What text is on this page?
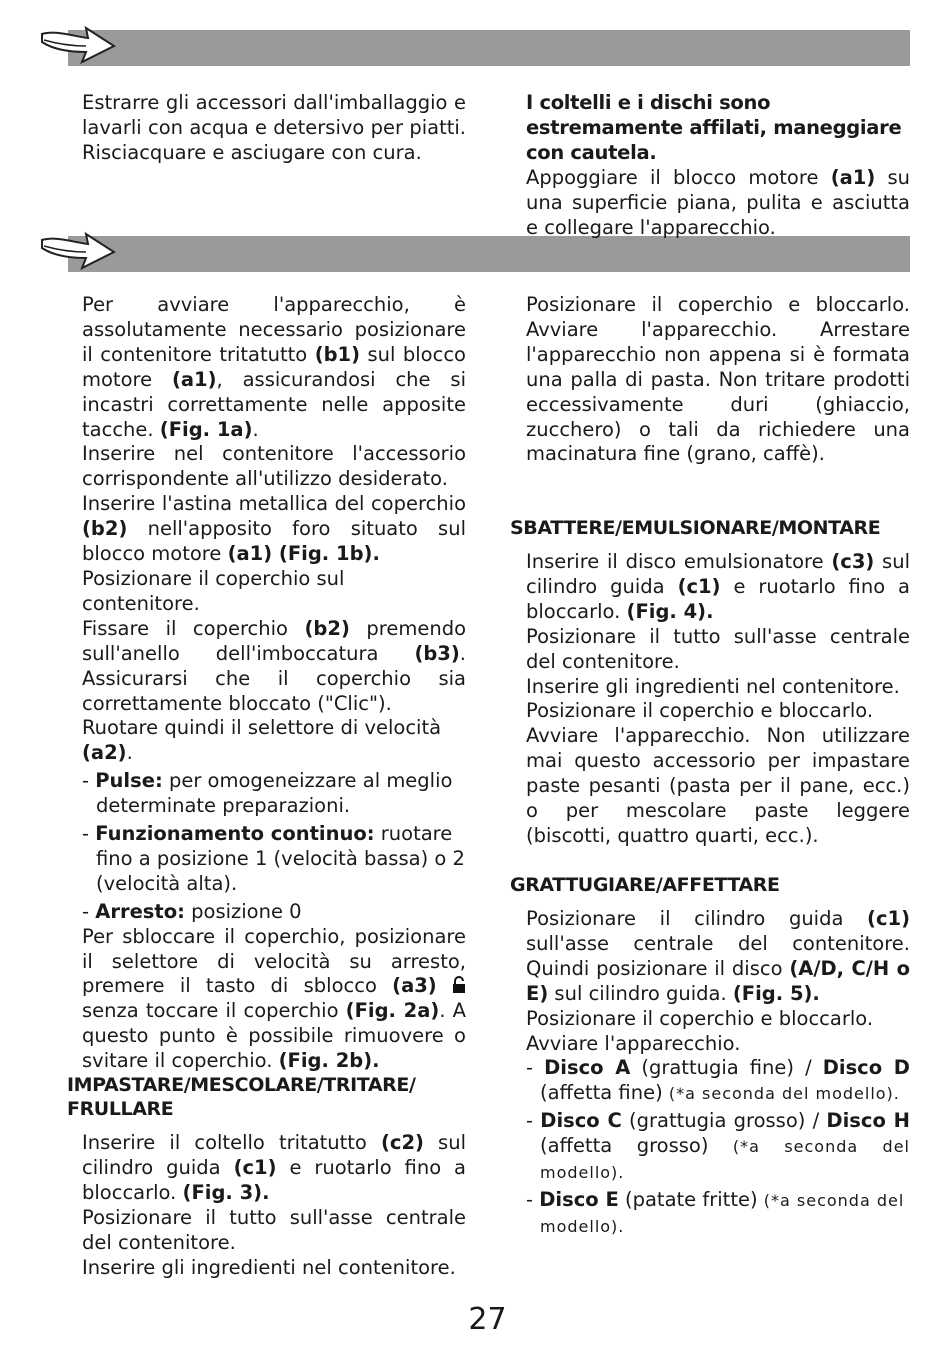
Estrarre gli accessori dall'imballaggio e lavarli con acqua e detersivo per piatti. Risciacquare e asciugare con cura.

I coltelli e i dischi sono estremamente affilati, maneggiare con cautela.

Appoggiare il blocco motore (a1) su una superficie piana, pulita e asciutta e collegare l'apparecchio.

Per avviare l'apparecchio, è assolutamente necessario posizionare il contenitore tritatutto (b1) sul blocco motore (a1), assicurandosi che si incastri correttamente nelle apposite tacche. (Fig. 1a).

Inserire nel contenitore l'accessorio corrispondente all'utilizzo desiderato.

Inserire l'astina metallica del coperchio (b2) nell'apposito foro situato sul blocco motore (a1) (Fig. 1b).

Posizionare il coperchio sul contenitore.

Fissare il coperchio (b2) premendo sull'anello dell'imboccatura (b3). Assicurarsi che il coperchio sia correttamente bloccato ("Clic").

Ruotare quindi il selettore di velocità (a2).

- Pulse: per omogeneizzare al meglio determinate preparazioni.

- Funzionamento continuo: ruotare fino a posizione 1 (velocità bassa) o 2 (velocità alta).

- Arresto: posizione 0

Per sbloccare il coperchio, posizionare il selettore di velocità su arresto, premere il tasto di sblocco (a3)  senza toccare il coperchio (Fig. 2a). A questo punto è possibile rimuovere o svitare il coperchio. (Fig. 2b).

IMPASTARE/MESCOLARE/TRITARE/ FRULLARE

Inserire il coltello tritatutto (c2) sul cilindro guida (c1) e ruotarlo fino a bloccarlo. (Fig. 3).

Posizionare il tutto sull'asse centrale del contenitore.

Inserire gli ingredienti nel contenitore.

Posizionare il coperchio e bloccarlo. Avviare l'apparecchio. Arrestare l'apparecchio non appena si è formata una palla di pasta. Non tritare prodotti eccessivamente duri (ghiaccio, zucchero) o tali da richiedere una macinatura fine (grano, caffè).

SBATTERE/EMULSIONARE/MONTARE

Inserire il disco emulsionatore (c3) sul cilindro guida (c1) e ruotarlo fino a bloccarlo. (Fig. 4).

Posizionare il tutto sull'asse centrale del contenitore.

Inserire gli ingredienti nel contenitore.

Posizionare il coperchio e bloccarlo.

Avviare l'apparecchio. Non utilizzare mai questo accessorio per impastare paste pesanti (pasta per il pane, ecc.) o per mescolare paste leggere (biscotti, quattro quarti, ecc.).

GRATTUGIARE/AFFETTARE

Posizionare il cilindro guida (c1) sull'asse centrale del contenitore. Quindi posizionare il disco (A/D, C/H o E) sul cilindro guida. (Fig. 5).

Posizionare il coperchio e bloccarlo.

Avviare l'apparecchio.

- Disco A (grattugia fine) / Disco D (affetta fine) (*a seconda del modello).

- Disco C (grattugia grosso) / Disco H (affetta grosso) (*a seconda del modello).

- Disco E (patate fritte) (*a seconda del modello).

27
